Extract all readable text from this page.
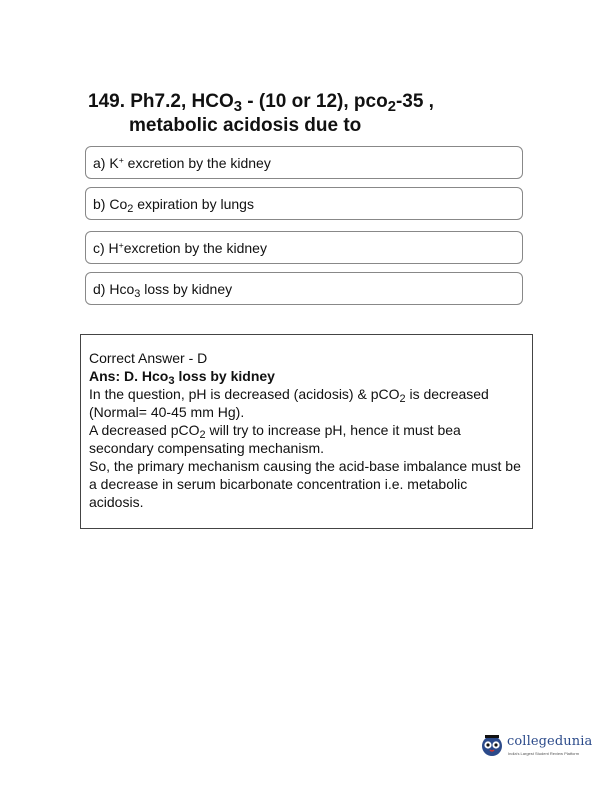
149. Ph7.2, $HCO_3 - (10$ or 12), pco$_2$-35 ,
metabolic acidosis due to
a) K+ excretion by the kidney
b) $Co_2$ expiration by lungs
c) H+excretion by the kidney
d) Hco$_3$ loss by kidney

Correct Answer - D

Ans: D. Hco$_3$ loss by kidney

In the question, pH is decreased (acidosis) & pCO$_2$ is decreased
(Normal= 40-45 mm Hg).

A decreased pCO$_2$ will try to increase pH, hence it must bea
secondary compensating mechanism.

So, the primary mechanism causing the acid-base imbalance must be a decrease in serum bicarbonate concentration i.e. metabolic acidosis.

collegedunia
India's Largest Student Review Platform
